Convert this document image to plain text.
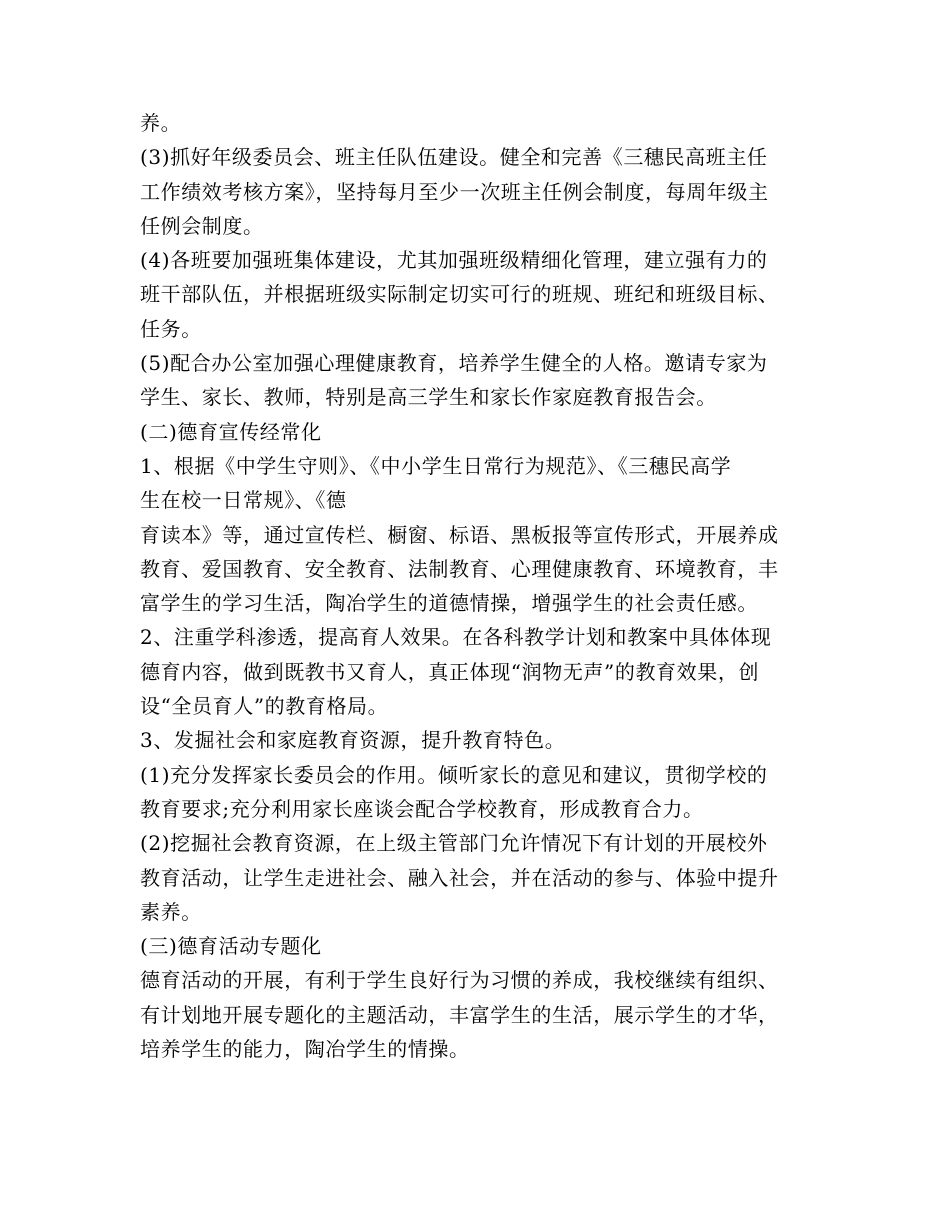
养。
(3)抓好年级委员会、班主任队伍建设。健全和完善《三穗民高班主任
工作绩效考核方案》，坚持每月至少一次班主任例会制度，每周年级主
任例会制度。
(4)各班要加强班集体建设，尤其加强班级精细化管理，建立强有力的
班干部队伍，并根据班级实际制定切实可行的班规、班纪和班级目标、
任务。
(5)配合办公室加强心理健康教育，培养学生健全的人格。邀请专家为
学生、家长、教师，特别是高三学生和家长作家庭教育报告会。
(二)德育宣传经常化
1、根据《中学生守则》、《中小学生日常行为规范》、《三穗民高学
生在校一日常规》、《德
育读本》等，通过宣传栏、橱窗、标语、黑板报等宣传形式，开展养成
教育、爱国教育、安全教育、法制教育、心理健康教育、环境教育，丰
富学生的学习生活，陶冶学生的道德情操，增强学生的社会责任感。
2、注重学科渗透，提高育人效果。在各科教学计划和教案中具体体现
德育内容，做到既教书又育人，真正体现“润物无声”的教育效果，创
设“全员育人”的教育格局。
3、发掘社会和家庭教育资源，提升教育特色。
(1)充分发挥家长委员会的作用。倾听家长的意见和建议，贯彻学校的
教育要求;充分利用家长座谈会配合学校教育，形成教育合力。
(2)挖掘社会教育资源，在上级主管部门允许情况下有计划的开展校外
教育活动，让学生走进社会、融入社会，并在活动的参与、体验中提升
素养。
(三)德育活动专题化
德育活动的开展，有利于学生良好行为习惯的养成，我校继续有组织、
有计划地开展专题化的主题活动，丰富学生的生活，展示学生的才华，
培养学生的能力，陶冶学生的情操。
